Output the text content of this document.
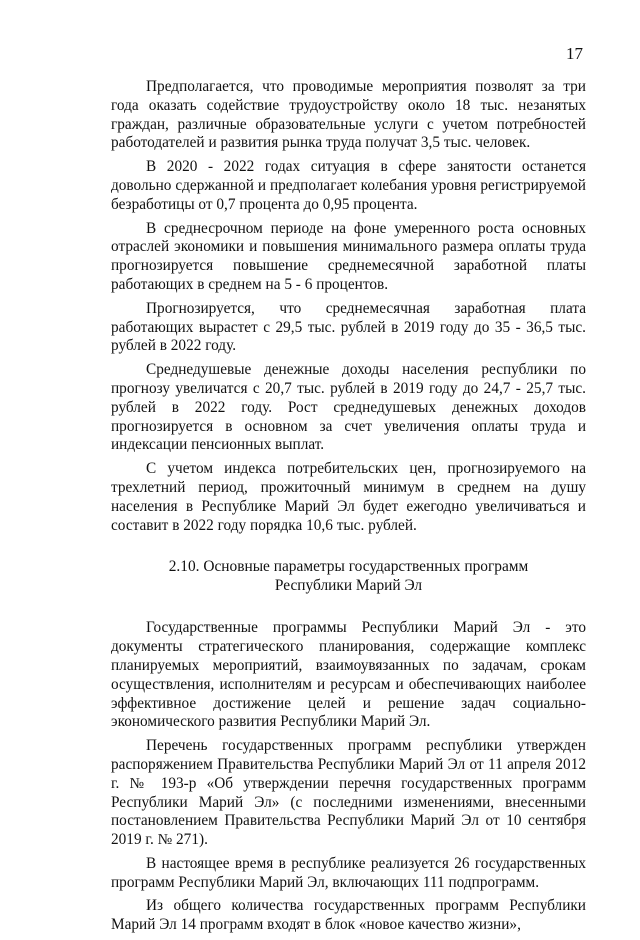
17

Предполагается, что проводимые мероприятия позволят за три года оказать содействие трудоустройству около 18 тыс. незанятых граждан, различные образовательные услуги с учетом потребностей работодателей и развития рынка труда получат 3,5 тыс. человек.

В 2020 - 2022 годах ситуация в сфере занятости останется довольно сдержанной и предполагает колебания уровня регистрируемой безработицы от 0,7 процента до 0,95 процента.

В среднесрочном периоде на фоне умеренного роста основных отраслей экономики и повышения минимального размера оплаты труда прогнозируется повышение среднемесячной заработной платы работающих в среднем на 5 - 6 процентов.

Прогнозируется, что среднемесячная заработная плата работающих вырастет с 29,5 тыс. рублей в 2019 году до 35 - 36,5 тыс. рублей в 2022 году.

Среднедушевые денежные доходы населения республики по прогнозу увеличатся с 20,7 тыс. рублей в 2019 году до 24,7 - 25,7 тыс. рублей в 2022 году. Рост среднедушевых денежных доходов прогнозируется в основном за счет увеличения оплаты труда и индексации пенсионных выплат.

С учетом индекса потребительских цен, прогнозируемого на трехлетний период, прожиточный минимум в среднем на душу населения в Республике Марий Эл будет ежегодно увеличиваться и составит в 2022 году порядка 10,6 тыс. рублей.

2.10. Основные параметры государственных программ
Республики Марий Эл

Государственные программы Республики Марий Эл - это документы стратегического планирования, содержащие комплекс планируемых мероприятий, взаимоувязанных по задачам, срокам осуществления, исполнителям и ресурсам и обеспечивающих наиболее эффективное достижение целей и решение задач социально-экономического развития Республики Марий Эл.

Перечень государственных программ республики утвержден распоряжением Правительства Республики Марий Эл от 11 апреля 2012 г. № 193-р «Об утверждении перечня государственных программ Республики Марий Эл» (с последними изменениями, внесенными постановлением Правительства Республики Марий Эл от 10 сентября 2019 г. № 271).

В настоящее время в республике реализуется 26 государственных программ Республики Марий Эл, включающих 111 подпрограмм.

Из общего количества государственных программ Республики Марий Эл 14 программ входят в блок «новое качество жизни»,
